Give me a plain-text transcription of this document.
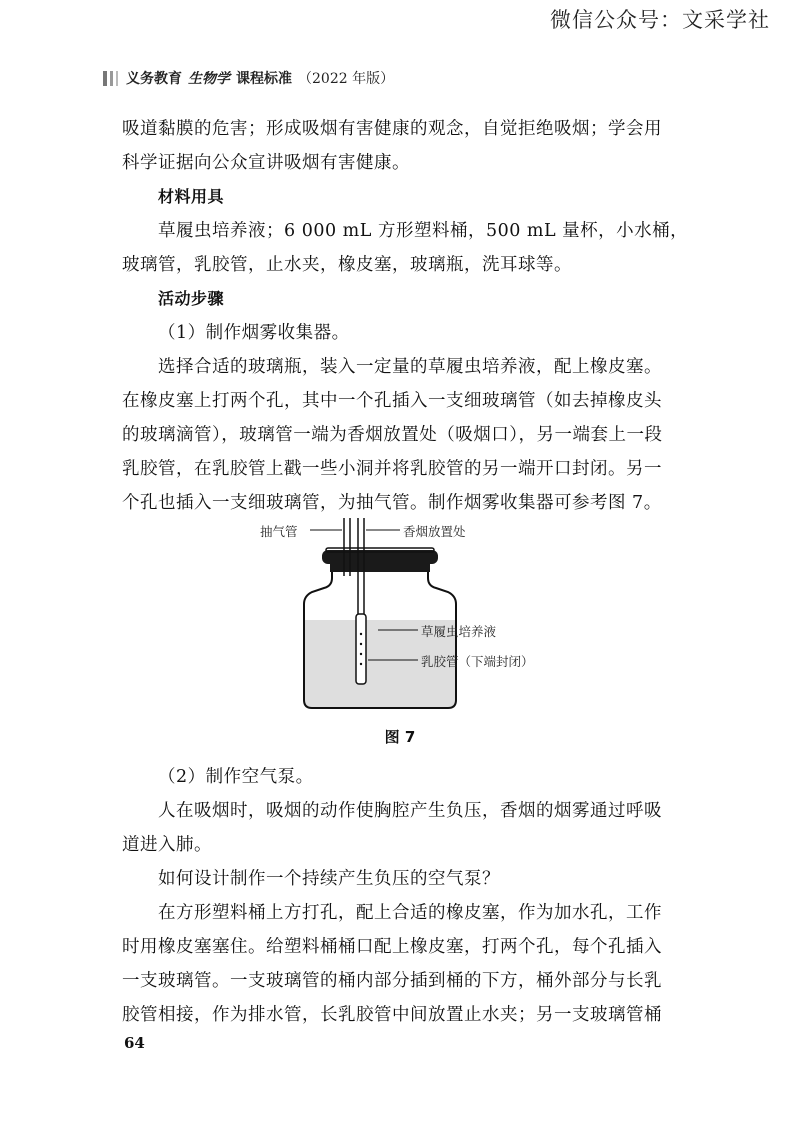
微信公众号：文采学社
义务教育 生物学 课程标准 （2022 年版）
吸道黏膜的危害；形成吸烟有害健康的观念，自觉拒绝吸烟；学会用
科学证据向公众宣讲吸烟有害健康。
材料用具
草履虫培养液；6 000 mL 方形塑料桶，500 mL 量杯，小水桶，
玻璃管，乳胶管，止水夹，橡皮塞，玻璃瓶，洗耳球等。
活动步骤
（1）制作烟雾收集器。
选择合适的玻璃瓶，装入一定量的草履虫培养液，配上橡皮塞。
在橡皮塞上打两个孔，其中一个孔插入一支细玻璃管（如去掉橡皮头
的玻璃滴管），玻璃管一端为香烟放置处（吸烟口），另一端套上一段
乳胶管，在乳胶管上戳一些小洞并将乳胶管的另一端开口封闭。另一
个孔也插入一支细玻璃管，为抽气管。制作烟雾收集器可参考图 7。
抽气管	香烟放置处
草履虫培养液
乳胶管（下端封闭）
图 7
（2）制作空气泵。
人在吸烟时，吸烟的动作使胸腔产生负压，香烟的烟雾通过呼吸
道进入肺。
如何设计制作一个持续产生负压的空气泵？
在方形塑料桶上方打孔，配上合适的橡皮塞，作为加水孔，工作
时用橡皮塞塞住。给塑料桶桶口配上橡皮塞，打两个孔，每个孔插入
一支玻璃管。一支玻璃管的桶内部分插到桶的下方，桶外部分与长乳
胶管相接，作为排水管，长乳胶管中间放置止水夹；另一支玻璃管桶
64
